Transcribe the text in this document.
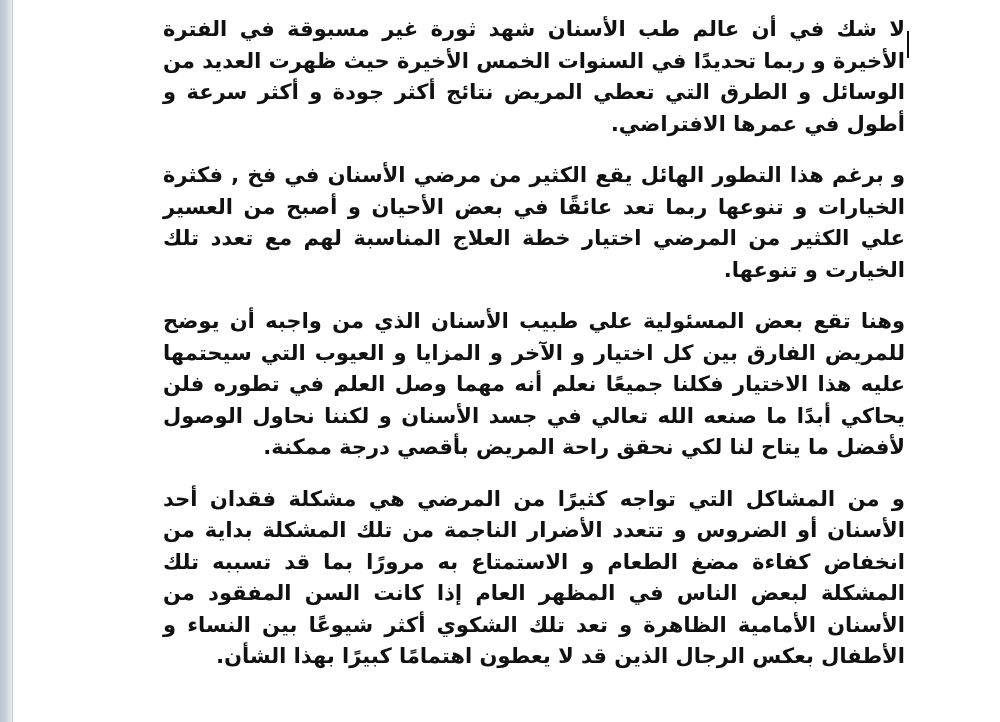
لا شك في أن عالم طب الأسنان شهد ثورة غير مسبوقة في الفترة الأخيرة و ربما تحديدًا في السنوات الخمس الأخيرة حيث ظهرت العديد من الوسائل و الطرق التي تعطي المريض نتائج أكثر جودة و أكثر سرعة و أطول في عمرها الافتراضي.

و برغم هذا التطور الهائل يقع الكثير من مرضي الأسنان في فخ , فكثرة الخيارات و تنوعها ربما تعد عائقًا في بعض الأحيان و أصبح من العسير علي الكثير من المرضي اختيار خطة العلاج المناسبة لهم مع تعدد تلك الخيارت و تنوعها.

وهنا تقع بعض المسئولية علي طبيب الأسنان الذي من واجبه أن يوضح للمريض الفارق بين كل اختيار و الآخر و المزايا و العيوب التي سيحتمها عليه هذا الاختيار فكلنا جميعًا نعلم أنه مهما وصل العلم في تطوره فلن يحاكي أبدًا ما صنعه الله تعالي في جسد الأسنان و لكننا نحاول الوصول لأفضل ما يتاح لنا لكي نحقق راحة المريض بأقصي درجة ممكنة.

و من المشاكل التي تواجه كثيرًا من المرضي هي مشكلة فقدان أحد الأسنان أو الضروس و تتعدد الأضرار الناجمة من تلك المشكلة بداية من انخفاض كفاءة مضغ الطعام و الاستمتاع به مرورًا بما قد تسببه تلك المشكلة لبعض الناس في المظهر العام إذا كانت السن المفقود من الأسنان الأمامية الظاهرة و تعد تلك الشكوي أكثر شيوعًا بين النساء و الأطفال بعكس الرجال الذين قد لا يعطون اهتمامًا كبيرًا بهذا الشأن.
